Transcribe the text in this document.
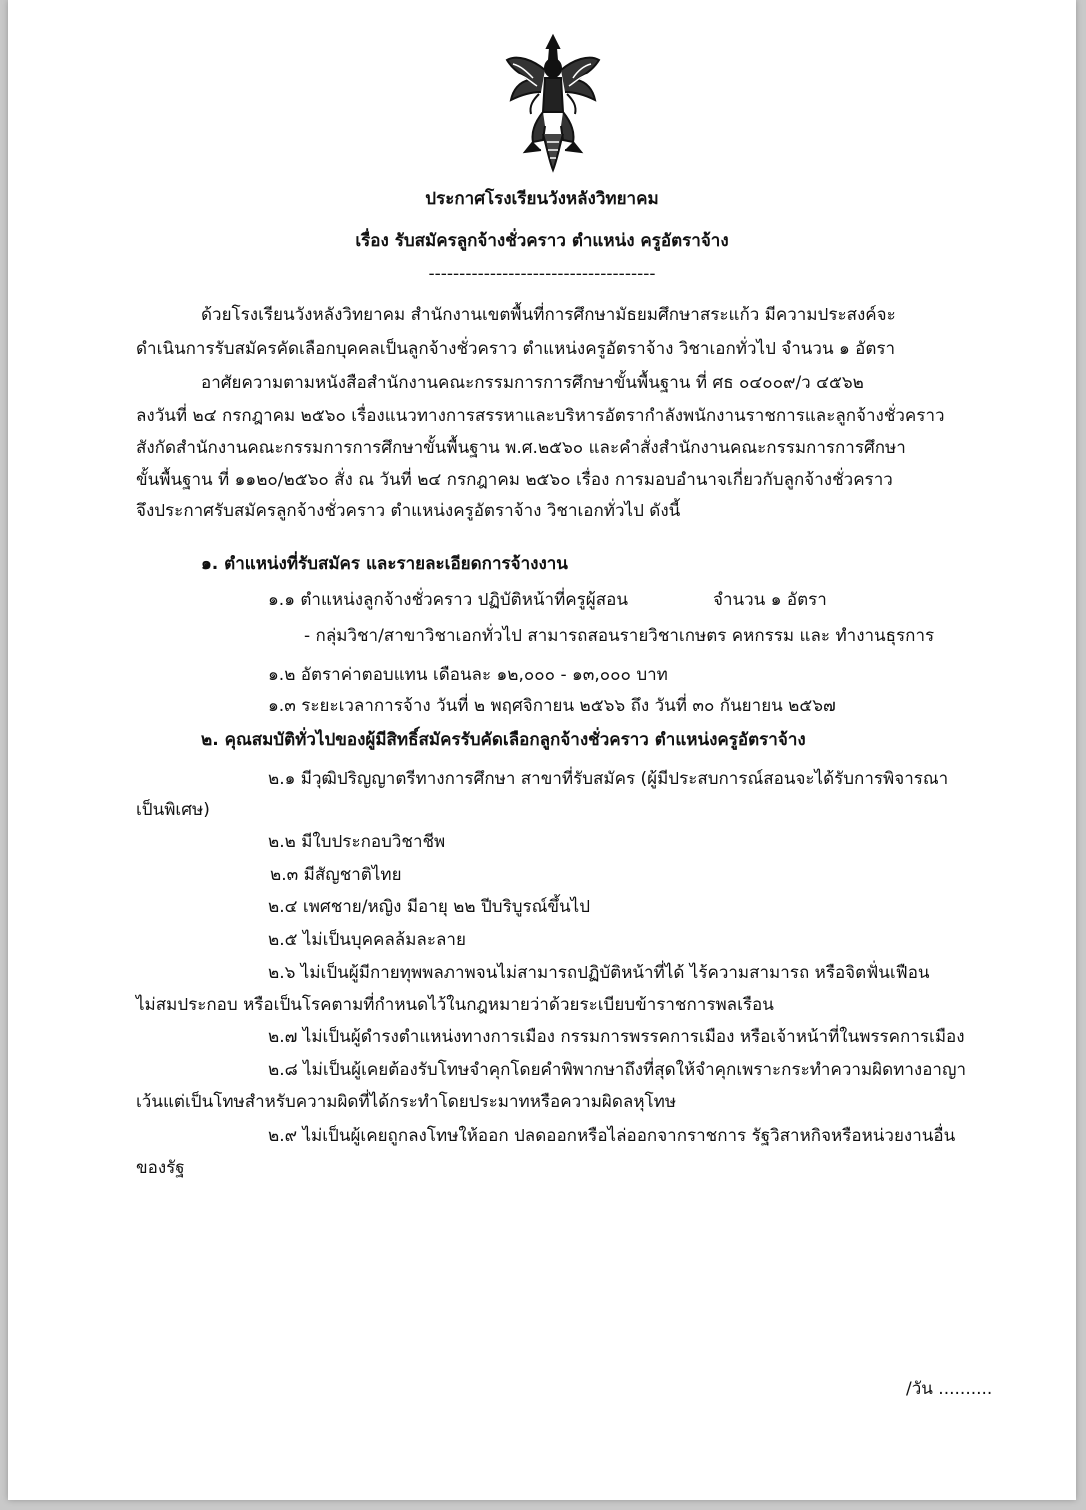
ประกาศโรงเรียนวังหลังวิทยาคม
เรื่อง รับสมัครลูกจ้างชั่วคราว ตำแหน่ง ครูอัตราจ้าง
-------------------------------------
ด้วยโรงเรียนวังหลังวิทยาคม สำนักงานเขตพื้นที่การศึกษามัธยมศึกษาสระแก้ว มีความประสงค์จะ
ดำเนินการรับสมัครคัดเลือกบุคคลเป็นลูกจ้างชั่วคราว ตำแหน่งครูอัตราจ้าง วิชาเอกทั่วไป จำนวน ๑ อัตรา
อาศัยความตามหนังสือสำนักงานคณะกรรมการการศึกษาขั้นพื้นฐาน ที่ ศธ ๐๔๐๐๙/ว ๔๕๖๒
ลงวันที่ ๒๔ กรกฎาคม ๒๕๖๐ เรื่องแนวทางการสรรหาและบริหารอัตรากำลังพนักงานราชการและลูกจ้างชั่วคราว
สังกัดสำนักงานคณะกรรมการการศึกษาขั้นพื้นฐาน พ.ศ.๒๕๖๐ และคำสั่งสำนักงานคณะกรรมการการศึกษา
ขั้นพื้นฐาน ที่ ๑๑๒๐/๒๕๖๐ สั่ง ณ วันที่ ๒๔ กรกฎาคม ๒๕๖๐ เรื่อง การมอบอำนาจเกี่ยวกับลูกจ้างชั่วคราว
จึงประกาศรับสมัครลูกจ้างชั่วคราว ตำแหน่งครูอัตราจ้าง วิชาเอกทั่วไป ดังนี้
๑. ตำแหน่งที่รับสมัคร และรายละเอียดการจ้างงาน
๑.๑ ตำแหน่งลูกจ้างชั่วคราว ปฏิบัติหน้าที่ครูผู้สอน	จำนวน ๑ อัตรา
- กลุ่มวิชา/สาขาวิชาเอกทั่วไป สามารถสอนรายวิชาเกษตร คหกรรม และ ทำงานธุรการ
๑.๒ อัตราค่าตอบแทน เดือนละ ๑๒,๐๐๐ - ๑๓,๐๐๐ บาท
๑.๓ ระยะเวลาการจ้าง วันที่ ๒ พฤศจิกายน ๒๕๖๖ ถึง วันที่ ๓๐ กันยายน ๒๕๖๗
๒. คุณสมบัติทั่วไปของผู้มีสิทธิ์สมัครรับคัดเลือกลูกจ้างชั่วคราว ตำแหน่งครูอัตราจ้าง
๒.๑ มีวุฒิปริญญาตรีทางการศึกษา สาขาที่รับสมัคร (ผู้มีประสบการณ์สอนจะได้รับการพิจารณา
เป็นพิเศษ)
๒.๒ มีใบประกอบวิชาชีพ
๒.๓ มีสัญชาติไทย
๒.๔ เพศชาย/หญิง มีอายุ ๒๒ ปีบริบูรณ์ขึ้นไป
๒.๕ ไม่เป็นบุคคลล้มละลาย
๒.๖ ไม่เป็นผู้มีกายทุพพลภาพจนไม่สามารถปฏิบัติหน้าที่ได้ ไร้ความสามารถ หรือจิตฟั่นเฟือน
ไม่สมประกอบ หรือเป็นโรคตามที่กำหนดไว้ในกฎหมายว่าด้วยระเบียบข้าราชการพลเรือน
๒.๗ ไม่เป็นผู้ดำรงตำแหน่งทางการเมือง กรรมการพรรคการเมือง หรือเจ้าหน้าที่ในพรรคการเมือง
๒.๘ ไม่เป็นผู้เคยต้องรับโทษจำคุกโดยคำพิพากษาถึงที่สุดให้จำคุกเพราะกระทำความผิดทางอาญา
เว้นแต่เป็นโทษสำหรับความผิดที่ได้กระทำโดยประมาทหรือความผิดลหุโทษ
๒.๙ ไม่เป็นผู้เคยถูกลงโทษให้ออก ปลดออกหรือไล่ออกจากราชการ รัฐวิสาหกิจหรือหน่วยงานอื่น
ของรัฐ
/วัน ..........
